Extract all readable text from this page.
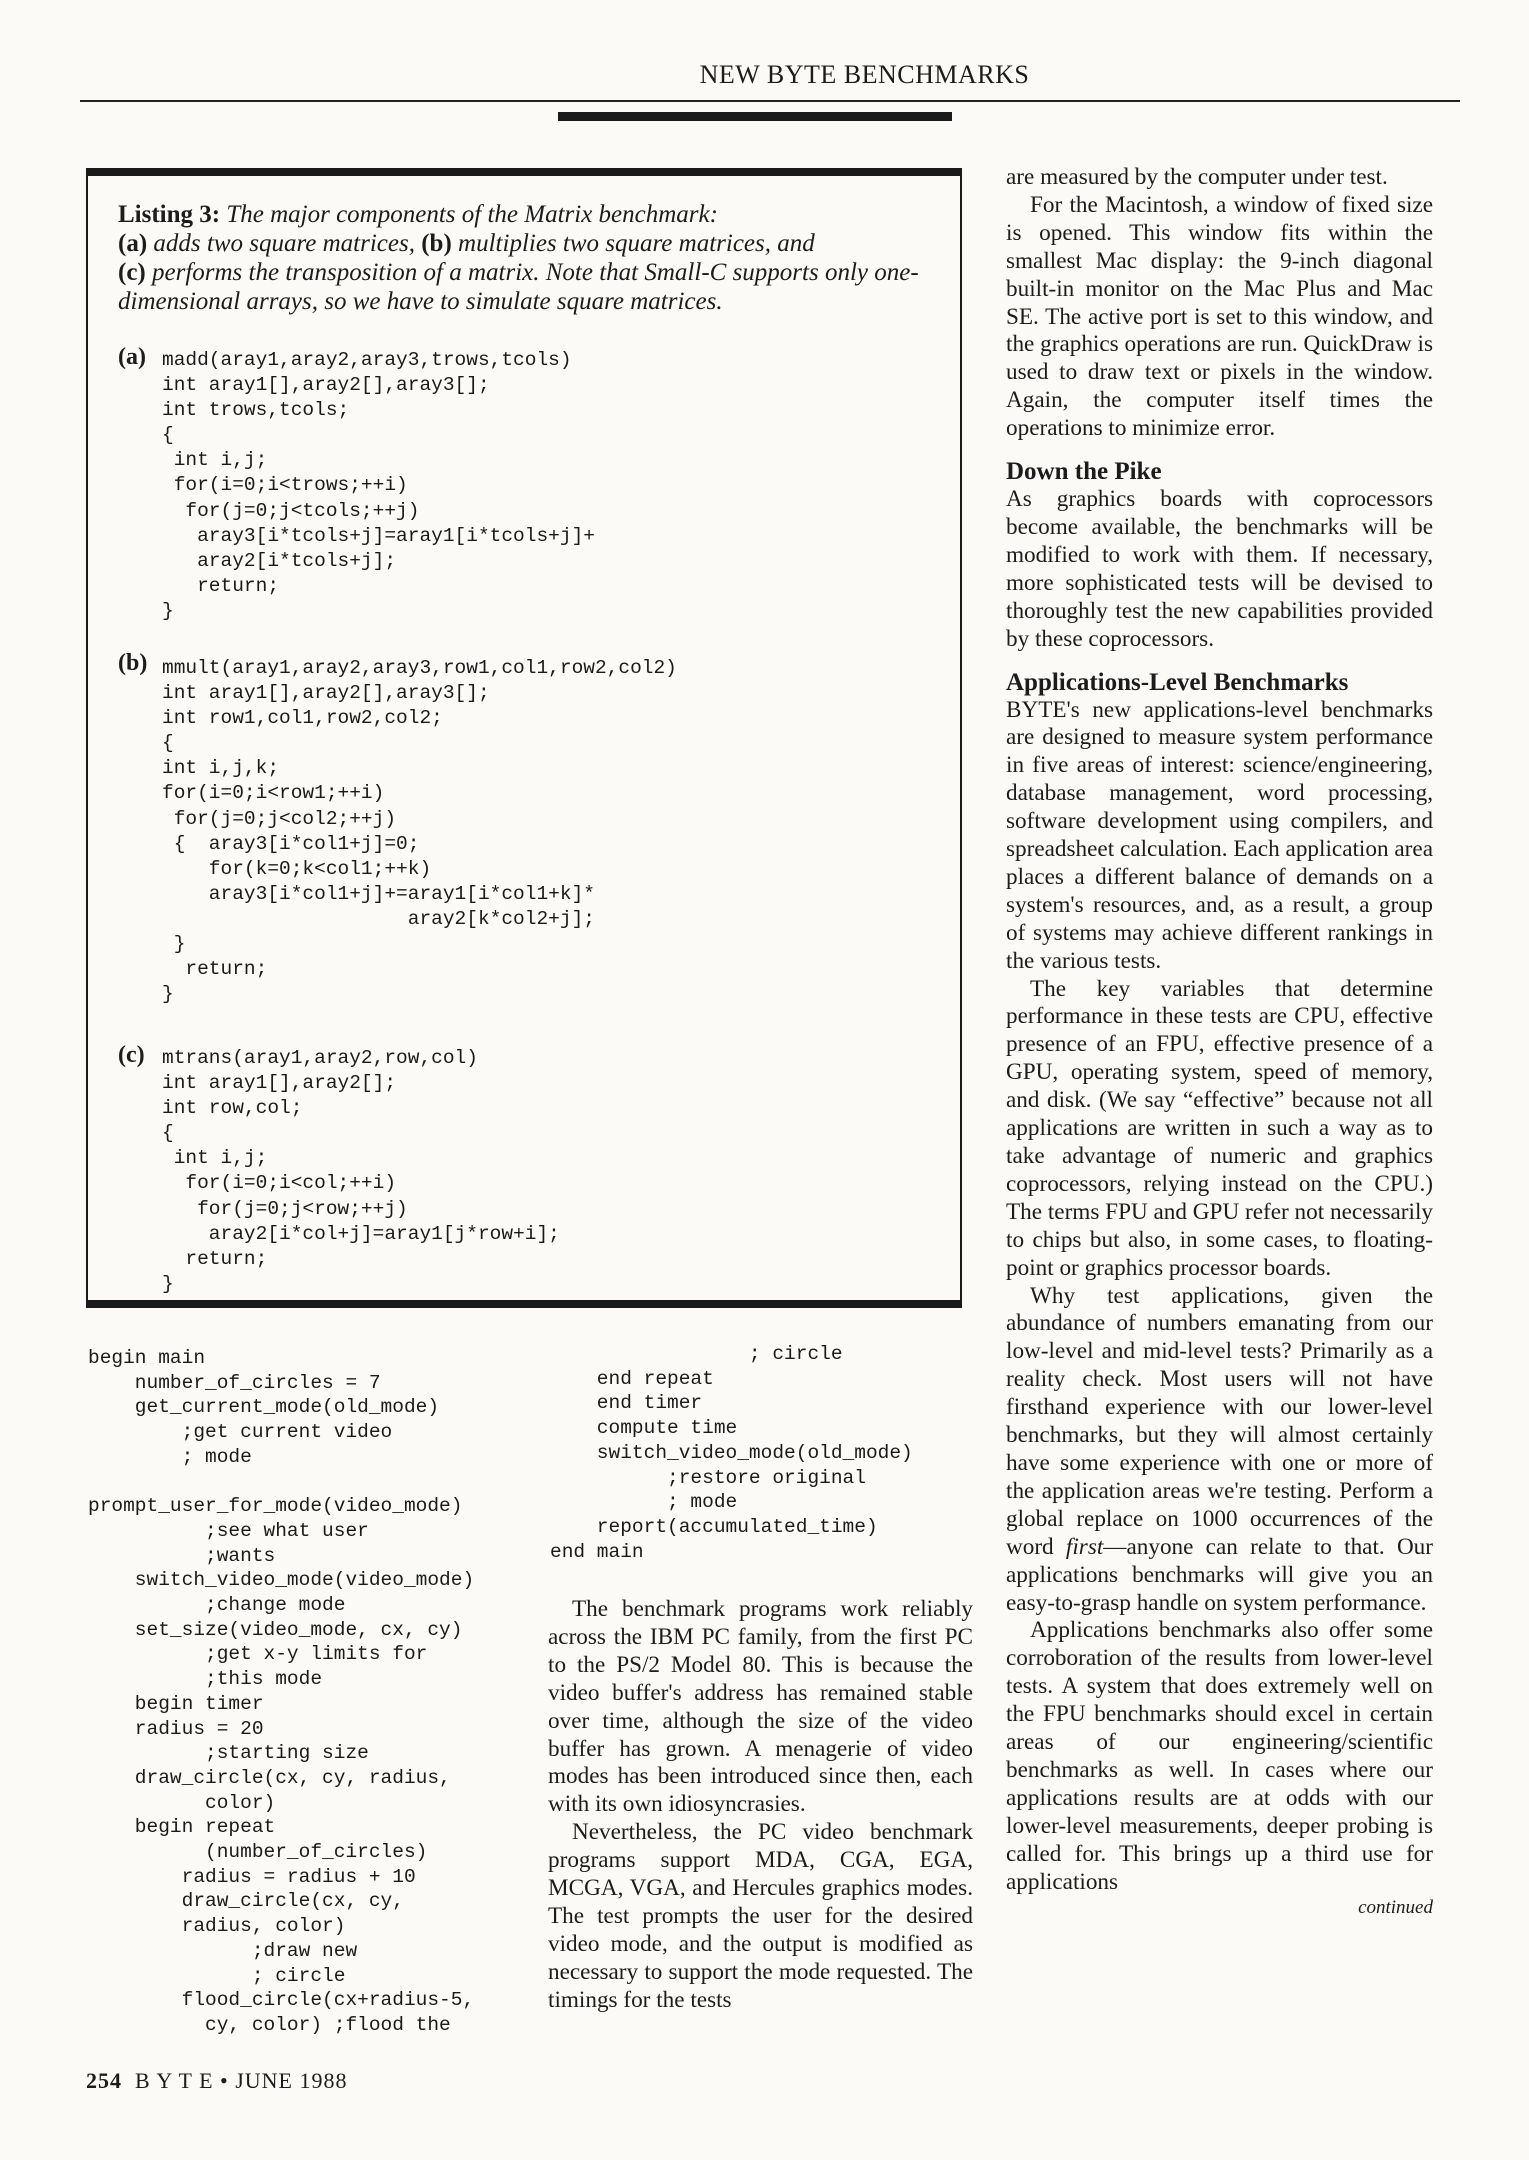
NEW BYTE BENCHMARKS
Listing 3: The major components of the Matrix benchmark:
(a) adds two square matrices, (b) multiplies two square matrices, and
(c) performs the transposition of a matrix. Note that Small-C supports only one-dimensional arrays, so we have to simulate square matrices.
(a) madd(aray1,aray2,aray3,trows,tcols)
int aray1[],aray2[],aray3[];
int trows,tcols;
{
int i,j;
for(i=0;i<trows;++i)
for(j=0;j<tcols;++j)
aray3[i*tcols+j]=aray1[i*tcols+j]+
aray2[i*tcols+j];
return;
}
(b) mmult(aray1,aray2,aray3,row1,col1,row2,col2)
int aray1[],aray2[],aray3[];
int row1,col1,row2,col2;
{
int i,j,k;
for(i=0;i<row1;++i)
for(j=0;j<col2;++j)
{  aray3[i*col1+j]=0;
for(k=0;k<col1;++k)
aray3[i*col1+j]+=aray1[i*col1+k]*
aray2[k*col2+j];
}
return;
}
(c) mtrans(aray1,aray2,row,col)
int aray1[],aray2[];
int row,col;
{
int i,j;
for(i=0;i<col;++i)
for(j=0;j<row;++j)
aray2[i*col+j]=aray1[j*row+i];
return;
}
begin main
number_of_circles = 7
get_current_mode(old_mode)
;get current video
; mode

prompt_user_for_mode(video_mode)
;see what user
;wants
switch_video_mode(video_mode)
;change mode
set_size(video_mode, cx, cy)
;get x-y limits for
;this mode
begin timer
radius = 20
;starting size
draw_circle(cx, cy, radius,
color)
begin repeat
(number_of_circles)
radius = radius + 10
draw_circle(cx, cy,
radius, color)
;draw new
; circle
flood_circle(cx+radius-5,
cy, color) ;flood the
; circle
end repeat
end timer
compute time
switch_video_mode(old_mode)
;restore original
; mode
report(accumulated_time)
end main

The benchmark programs work reliably across the IBM PC family, from the first PC to the PS/2 Model 80. This is because the video buffer's address has remained stable over time, although the size of the video buffer has grown. A menagerie of video modes has been introduced since then, each with its own idiosyncrasies.

Nevertheless, the PC video benchmark programs support MDA, CGA, EGA, MCGA, VGA, and Hercules graphics modes. The test prompts the user for the desired video mode, and the output is modified as necessary to support the mode requested. The timings for the tests

are measured by the computer under test.

For the Macintosh, a window of fixed size is opened. This window fits within the smallest Mac display: the 9-inch diagonal built-in monitor on the Mac Plus and Mac SE. The active port is set to this window, and the graphics operations are run. QuickDraw is used to draw text or pixels in the window. Again, the computer itself times the operations to minimize error.

Down the Pike

As graphics boards with coprocessors become available, the benchmarks will be modified to work with them. If necessary, more sophisticated tests will be devised to thoroughly test the new capabilities provided by these coprocessors.

Applications-Level Benchmarks

BYTE's new applications-level benchmarks are designed to measure system performance in five areas of interest: science/engineering, database management, word processing, software development using compilers, and spreadsheet calculation. Each application area places a different balance of demands on a system's resources, and, as a result, a group of systems may achieve different rankings in the various tests.

The key variables that determine performance in these tests are CPU, effective presence of an FPU, effective presence of a GPU, operating system, speed of memory, and disk. (We say “effective” because not all applications are written in such a way as to take advantage of numeric and graphics coprocessors, relying instead on the CPU.) The terms FPU and GPU refer not necessarily to chips but also, in some cases, to floating-point or graphics processor boards.

Why test applications, given the abundance of numbers emanating from our low-level and mid-level tests? Primarily as a reality check. Most users will not have firsthand experience with our lower-level benchmarks, but they will almost certainly have some experience with one or more of the application areas we're testing. Perform a global replace on 1000 occurrences of the word first—anyone can relate to that. Our applications benchmarks will give you an easy-to-grasp handle on system performance.

Applications benchmarks also offer some corroboration of the results from lower-level tests. A system that does extremely well on the FPU benchmarks should excel in certain areas of our engineering/scientific benchmarks as well. In cases where our applications results are at odds with our lower-level measurements, deeper probing is called for. This brings up a third use for applications

continued
254 B Y T E • JUNE 1988
